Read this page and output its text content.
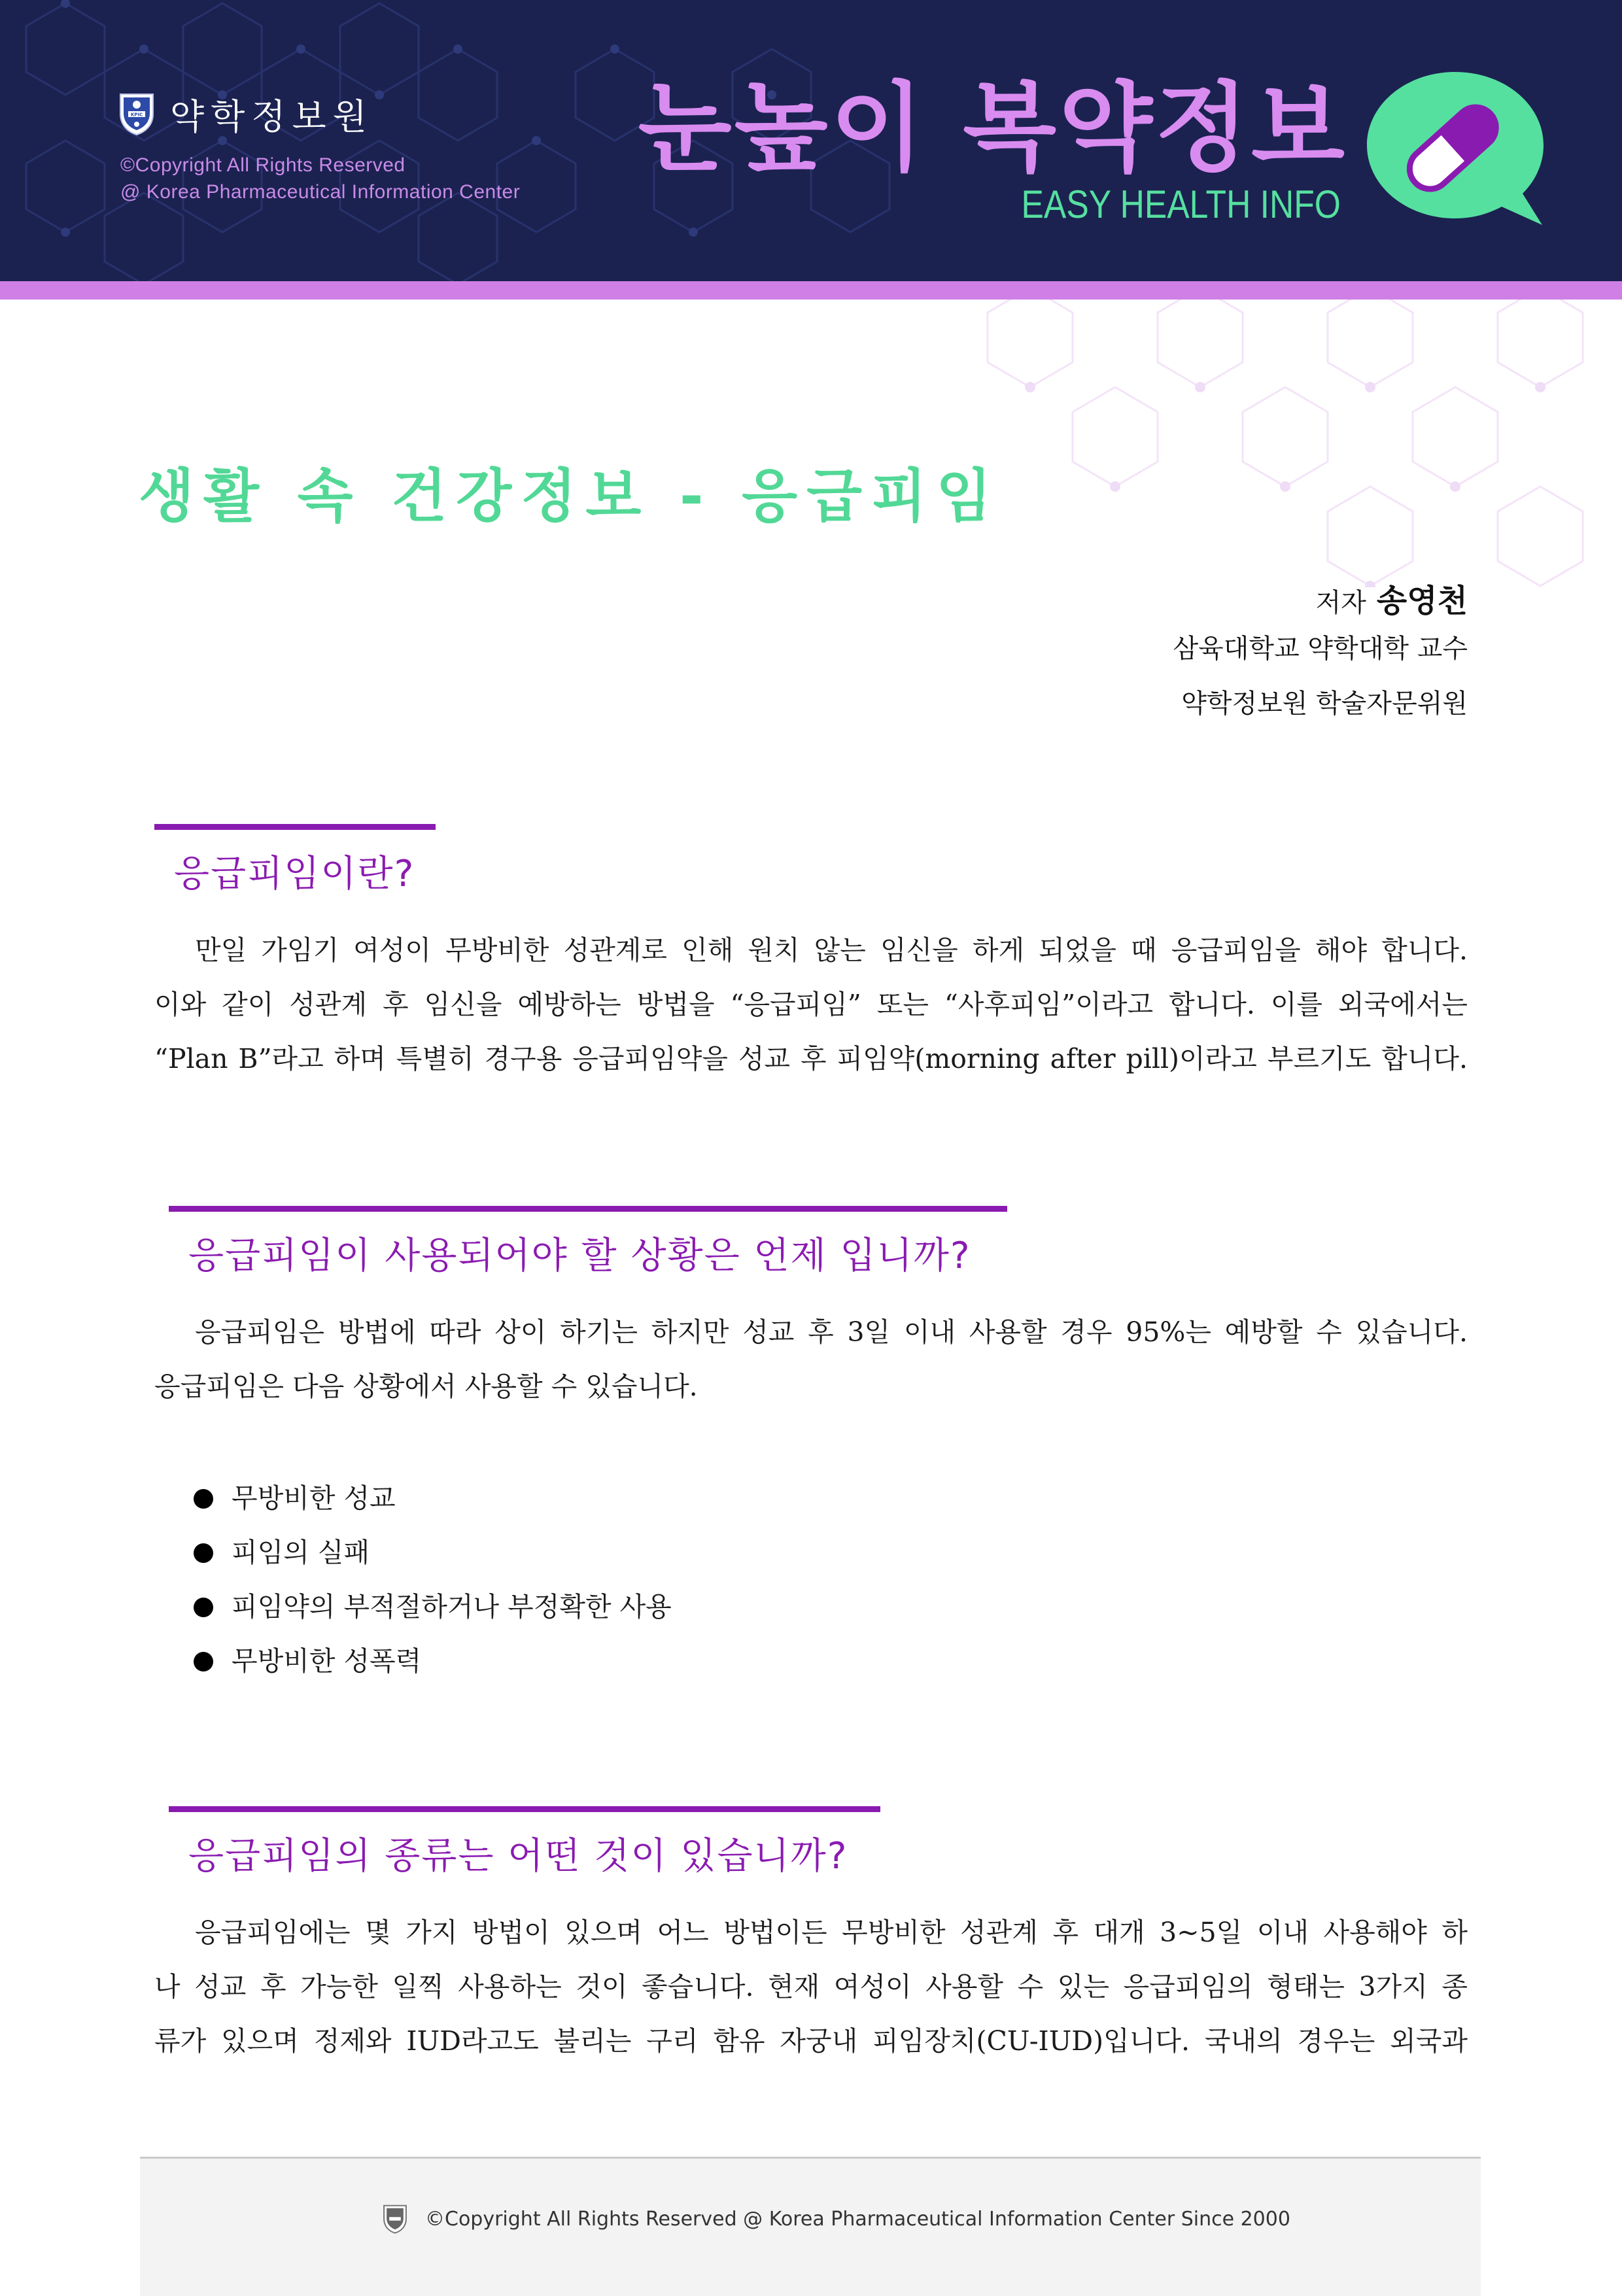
KPIC 약학정보원
©Copyright All Rights Reserved
@ Korea Pharmaceutical Information Center
눈높이 복약정보
EASY HEALTH INFO
생활 속 건강정보 - 응급피임
저자 송영천
삼육대학교 약학대학 교수
약학정보원 학술자문위원
응급피임이란?
만일 가임기 여성이 무방비한 성관계로 인해 원치 않는 임신을 하게 되었을 때 응급피임을 해야 합니다.
이와 같이 성관계 후 임신을 예방하는 방법을 “응급피임” 또는 “사후피임”이라고 합니다. 이를 외국에서는
“Plan B”라고 하며 특별히 경구용 응급피임약을 성교 후 피임약(morning after pill)이라고 부르기도 합니다.
응급피임이 사용되어야 할 상황은 언제 입니까?
응급피임은 방법에 따라 상이 하기는 하지만 성교 후 3일 이내 사용할 경우 95%는 예방할 수 있습니다.
응급피임은 다음 상황에서 사용할 수 있습니다.
무방비한 성교
피임의 실패
피임약의 부적절하거나 부정확한 사용
무방비한 성폭력
응급피임의 종류는 어떤 것이 있습니까?
응급피임에는 몇 가지 방법이 있으며 어느 방법이든 무방비한 성관계 후 대개 3~5일 이내 사용해야 하
나 성교 후 가능한 일찍 사용하는 것이 좋습니다. 현재 여성이 사용할 수 있는 응급피임의 형태는 3가지 종
류가 있으며 정제와 IUD라고도 불리는 구리 함유 자궁내 피임장치(CU-IUD)입니다. 국내의 경우는 외국과
©Copyright All Rights Reserved @ Korea Pharmaceutical Information Center Since 2000
